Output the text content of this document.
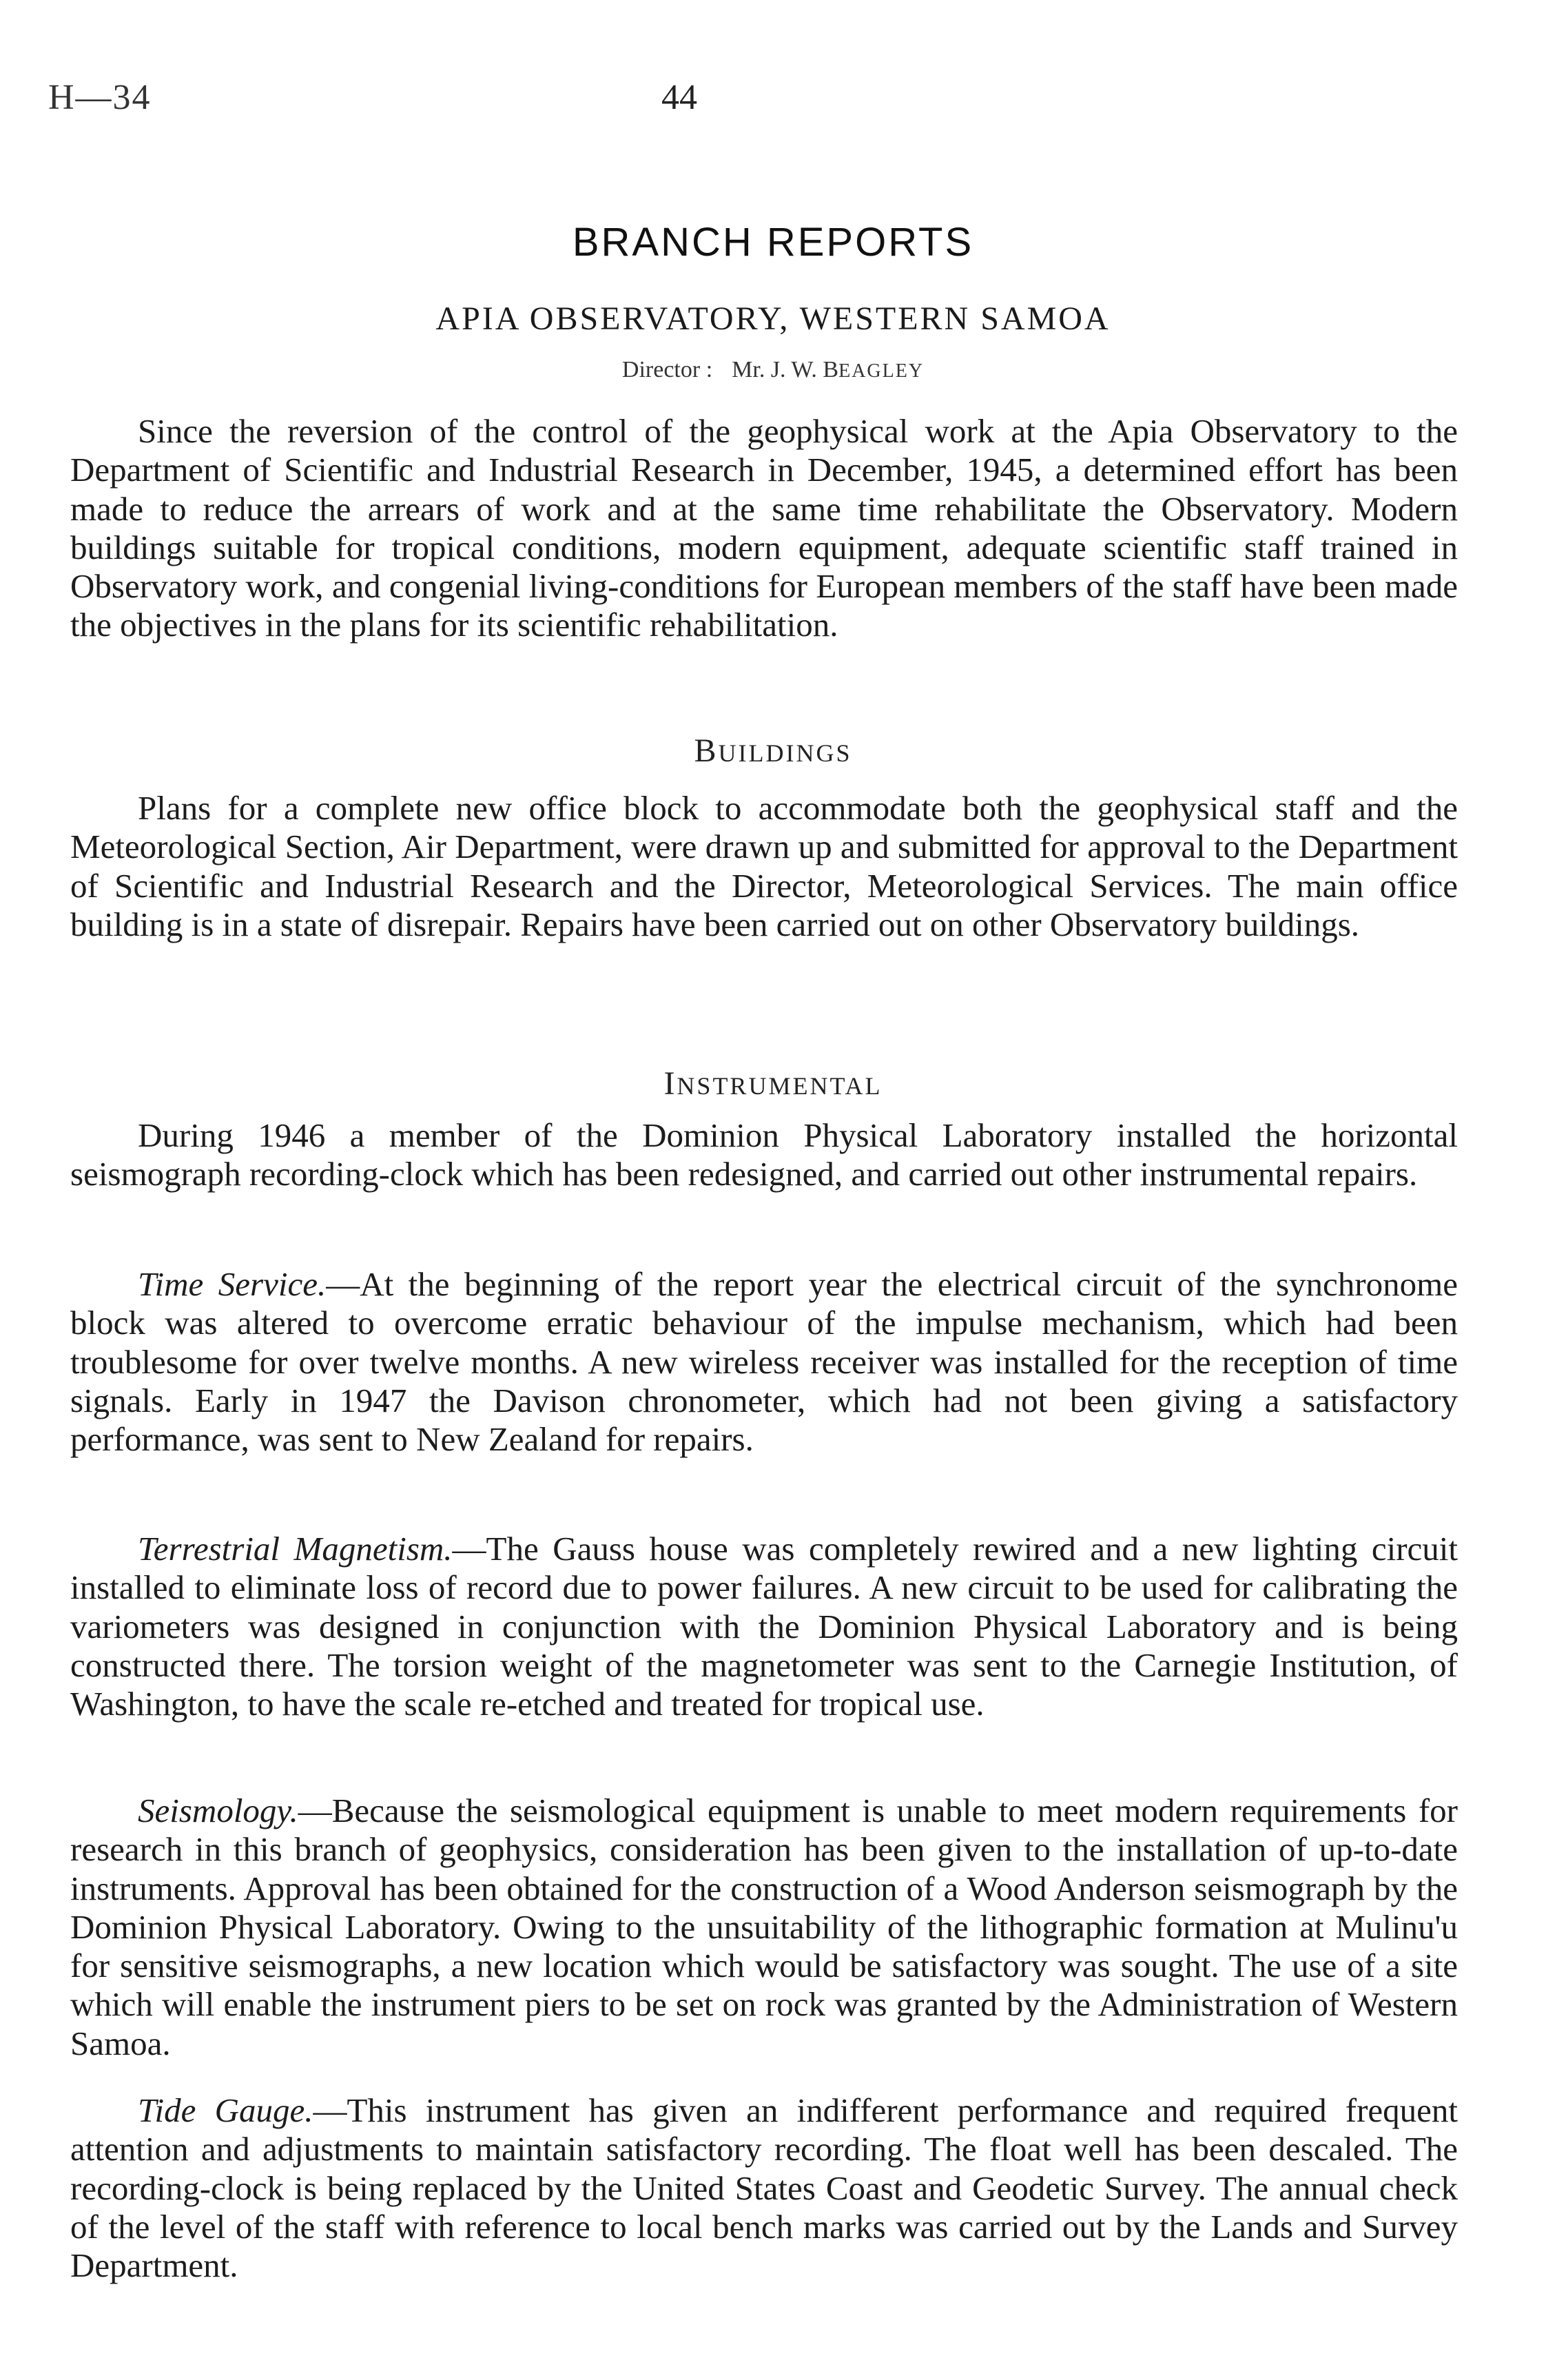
H—34	44
BRANCH REPORTS
APIA OBSERVATORY, WESTERN SAMOA
Director : Mr. J. W. BEAGLEY

Since the reversion of the control of the geophysical work at the Apia Observatory to the Department of Scientific and Industrial Research in December, 1945, a determined effort has been made to reduce the arrears of work and at the same time rehabilitate the Observatory. Modern buildings suitable for tropical conditions, modern equipment, adequate scientific staff trained in Observatory work, and congenial living-conditions for European members of the staff have been made the objectives in the plans for its scientific rehabilitation.

BUILDINGS

Plans for a complete new office block to accommodate both the geophysical staff and the Meteorological Section, Air Department, were drawn up and submitted for approval to the Department of Scientific and Industrial Research and the Director, Meteorological Services. The main office building is in a state of disrepair. Repairs have been carried out on other Observatory buildings.

INSTRUMENTAL

During 1946 a member of the Dominion Physical Laboratory installed the horizontal seismograph recording-clock which has been redesigned, and carried out other instrumental repairs.

Time Service.—At the beginning of the report year the electrical circuit of the synchronome block was altered to overcome erratic behaviour of the impulse mechanism, which had been troublesome for over twelve months. A new wireless receiver was installed for the reception of time signals. Early in 1947 the Davison chronometer, which had not been giving a satisfactory performance, was sent to New Zealand for repairs.

Terrestrial Magnetism.—The Gauss house was completely rewired and a new lighting circuit installed to eliminate loss of record due to power failures. A new circuit to be used for calibrating the variometers was designed in conjunction with the Dominion Physical Laboratory and is being constructed there. The torsion weight of the magnetometer was sent to the Carnegie Institution, of Washington, to have the scale re-etched and treated for tropical use.

Seismology.—Because the seismological equipment is unable to meet modern requirements for research in this branch of geophysics, consideration has been given to the installation of up-to-date instruments. Approval has been obtained for the construction of a Wood Anderson seismograph by the Dominion Physical Laboratory. Owing to the unsuitability of the lithographic formation at Mulinu'u for sensitive seismographs, a new location which would be satisfactory was sought. The use of a site which will enable the instrument piers to be set on rock was granted by the Administration of Western Samoa.

Tide Gauge.—This instrument has given an indifferent performance and required frequent attention and adjustments to maintain satisfactory recording. The float well has been descaled. The recording-clock is being replaced by the United States Coast and Geodetic Survey. The annual check of the level of the staff with reference to local bench marks was carried out by the Lands and Survey Department.
